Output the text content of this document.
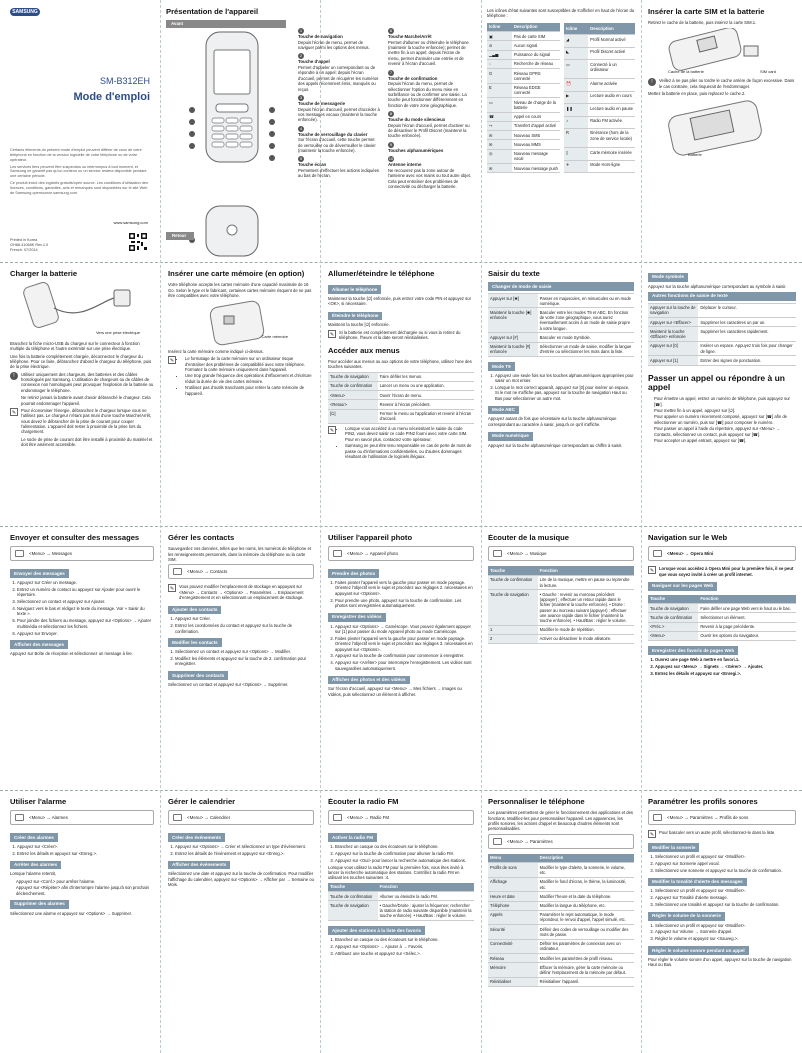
SAMSUNG
SM-B312EH
Mode d'emploi

Certains éléments du présent mode d'emploi peuvent différer de ceux de votre téléphone en fonction de la version logicielle de votre téléphone ou de votre opérateur.

Les services tiers peuvent être suspendus ou interrompus à tout moment, et Samsung ne garantit pas qu'un contenu ou un service restera disponible pendant une certaine période.

Ce produit inclut des logiciels gratuits/open source. Les conditions d'utilisation des licences, conditions, garanties, avis et remarques sont disponibles sur le site Web de Samsung opensource.samsung.com.

www.samsung.com
Printed in Korea
GH68-41068K Rev.1.0
French. 07/2014
Présentation de l'appareil
Avant
Retour
1
Touche de navigation
Depuis l'écran de menu, permet de naviguer parmi les options des menus.
2
Touche d'appel
Permet d'appeler un correspondant ou de répondre à un appel; depuis l'écran d'accueil, permet de récupérer les numéros des appels récemment émis, manqués ou reçus.
3
Touche de messagerie
Depuis l'écran d'accueil, permet d'accéder à vos messages vocaux (maintenir la touche enfoncée).
4
Touche de verrouillage du clavier
Sur l'écran d'accueil, cette touche permet de verrouiller ou de déverrouiller le clavier (maintenir la touche enfoncée).
5
Touche écran
Permettent d'effectuer les actions indiquées au bas de l'écran.
6
Touche Marche/Arrêt
Permet d'allumer ou d'éteindre le téléphone (maintenir la touche enfoncée); permet de mettre fin à un appel; depuis l'écran de menu, permet d'annuler une entrée et de revenir à l'écran d'accueil.
7
Touche de confirmation
Depuis l'écran du menu, permet de sélectionner l'option du menu mise en surbrillance ou de confirmer une saisie. La touche peut fonctionner différemment en fonction de votre zone géographique.
8
Touche du mode silencieux
Depuis l'écran d'accueil, permet d'activer ou de désactiver le Profil Discret (maintenir la touche enfoncée).
9
Touches alphanumériques
10
Antenne interne
Ne recouvrez pas la zone autour de l'antenne avec vos mains ou tout autre objet. Cela peut entraîner des problèmes de connectivité ou décharger la batterie.

Les icônes d'état suivantes sont susceptibles de s'afficher en haut de l'écran du téléphone :

Icône	Description
▣	Pas de carte SIM
⊘	Aucun signal
▁▃▅	Puissance du signal
◌	Recherche de réseau
G	Réseau GPRS connecté
E	Réseau EDGE connecté
▭	Niveau de charge de la batterie
☎	Appel en cours
↪	Transfert d'appel activé
✉	Nouveau SMS
✉	Nouveau MMS
◎	Nouveau message vocal
✉	Nouveau message push
Icône	Description
◢	Profil Normal activé
◣	Profil Discret activé
▭	Connecté à un ordinateur
⏰	Alarme activée
▶	Lecture audio en cours
❚❚	Lecture audio en pause
♪	Radio FM activée
R	Itinérance (hors de la zone de service locale)
▯	Carte mémoire insérée
✈	Mode Hors-ligne
Insérer la carte SIM et la batterie

Retirez le cache de la batterie, puis insérez la carte SIM.1.

Cache de la batterie	SIM card
!	Veillez à ne pas plier ou tordre le cache arrière de façon excessive. Dans le cas contraire, cela risquerait de l'endommager.

Mettez la batterie en place, puis replacez le cache.2.

Batterie
Charger la batterie
Vers une prise électrique

Branchez la fiche micro-USB du chargeur sur le connecteur à fonction multiple du téléphone et l'autre extrémité sur une prise électrique.

Une fois la batterie complètement chargée, déconnectez le chargeur du téléphone. Pour ce faire, débranchez d'abord le chargeur du téléphone, puis de la prise électrique.

!	Utilisez uniquement des chargeurs, des batteries et des câbles homologués par Samsung. L'utilisation de chargeurs ou de câbles de connexion non homologués peut provoquer l'explosion de la batterie ou endommager le téléphone.

Ne retirez jamais la batterie avant d'avoir débranché le chargeur. Cela pourrait endommager l'appareil.

✎	Pour économiser l'énergie, débranchez le chargeur lorsque vous ne l'utilisez pas. Le chargeur n'étant pas muni d'une touche Marche/Arrêt, vous devez le débrancher de la prise de courant pour couper l'alimentation. L'appareil doit rester à proximité de la prise lors du chargement.

Le socle de prise de courant doit être installé à proximité du matériel et doit être aisément accessible.

Insérer une carte mémoire (en option)

Votre téléphone accepte les cartes mémoire d'une capacité maximale de 16 Go. Selon le type et le fabricant, certaines cartes mémoire risquent de ne pas être compatibles avec votre téléphone.

Carte mémoire

Insérez la carte mémoire comme indiqué ci-dessus.

✎	• Le formatage de la carte mémoire sur un ordinateur risque d'entraîner des problèmes de compatibilité avec votre téléphone. Formatez la carte mémoire uniquement dans l'appareil.
• Une trop grande fréquence des opérations d'effacement et d'écriture réduit la durée de vie des cartes mémoire.
• N'utilisez pas d'outils tranchants pour retirer la carte mémoire de l'appareil.
Allumer/éteindre le téléphone
Allumer le téléphone

Maintenez la touche [⏻] enfoncée, puis entrez votre code PIN et appuyez sur <OK>, si nécessaire.

Éteindre le téléphone

Maintenir la touche [⏻] enfoncée.

✎	Si la batterie est complètement déchargée ou si vous la retirez du téléphone, l'heure et la date seront réinitialisées.
Accéder aux menus

Pour accéder aux menus ou aux options de votre téléphone, utilisez l'une des touches suivantes.

Touche de navigation	Faire défiler les menus.
Touche de confirmation	Lancer un menu ou une application.
<Menu>	Ouvrir l'écran de menu.
<Retour>	Revenir à l'écran précédent.
[⏻]	Fermer le menu ou l'application et revenir à l'écran d'accueil.
✎	• Lorsque vous accédez à un menu nécessitant le saisie du code PIN2, vous devez saisir ce code PIN2 fourni avec votre carte SIM. Pour en savoir plus, contactez votre opérateur.
• Samsung ne peut être tenu responsable en cas de perte de mots de passe ou d'informations confidentielles, ou d'autres dommages résultant de l'utilisation de logiciels illégaux.
Saisir du texte
Changer de mode de saisie
Appuyer sur [✱]	Passer en majuscules, en minuscules ou en mode numérique.
Maintenir la touche [✱] enfoncée	Basculer entre les modes T9 et ABC. En fonction de votre zone géographique, vous aurez éventuellement accès à un mode de saisie propre à votre langue.
Appuyer sur [#]	Basculer en mode Symbole.
Maintenir la touche [#] enfoncée	Sélectionner un mode de saisie, modifier la langue d'entrée ou sélectionner les mots dans la liste.
Mode T9
1. Appuyez une seule fois sur les touches alphanumériques appropriées pour saisir un mot entier.
2. Lorsque le mot correct apparaît, appuyez sur [0] pour insérer un espace. Si le mot ne s'affiche pas, appuyez sur la touche de navigation Haut ou Bas pour sélectionner un autre mot.
Mode ABC

Appuyez autant de fois que nécessaire sur la touche alphanumérique correspondant au caractère à saisir, jusqu'à ce qu'il s'affiche.

Mode numérique

Appuyez sur la touche alphanumérique correspondant au chiffre à saisir.

Mode symbole

Appuyez sur la touche alphanumérique correspondant au symbole à saisir.

Autres fonctions de saisie de texte
Appuyer sur la touche de navigation	Déplacer le curseur.
Appuyer sur <Effacer>	Supprimer les caractères un par un.
Maintenir la touche <Effacer> enfoncée	Supprimer les caractères rapidement.
Appuyer sur [0]	Insérer un espace. Appuyez trois fois pour changer de ligne.
Appuyer sur [1]	Entrer des signes de ponctuation.
Passer un appel ou répondre à un appel
• Pour émettre un appel, entrez un numéro de téléphone, puis appuyez sur [☎].
• Pour mettre fin à un appel, appuyez sur [⏻].
• Pour appeler un numéro récemment composé, appuyez sur [☎] afin de sélectionner un numéro, puis sur [☎] pour composer le numéro.
• Pour passer un appel à l'aide du répertoire, appuyez sur <Menu> → Contacts, sélectionnez un contact, puis appuyez sur [☎].
• Pour accepter un appel entrant, appuyez sur [☎].
Envoyer et consulter des messages
<Menu> → Messages
Envoyer des messages
1. Appuyez sur Créer un message.
2. Entrez un numéro de contact ou appuyez sur Ajouter pour ouvrir le répertoire.
3. Sélectionnez un contact et appuyez sur Ajouter.
4. Naviguez vers le bas et rédigez le texte du message. Voir « Saisir du texte ».
5. Pour joindre des fichiers au message, appuyez sur <Options> → Ajouter multimédia et sélectionnez les fichiers.
6. Appuyez sur Envoyer.
Afficher des messages

Appuyez sur Boîte de réception et sélectionnez un message à lire.

Gérer les contacts

Sauvegardez vos données, telles que les noms, les numéros de téléphone et les renseignements personnels, dans la mémoire du téléphone ou la carte SIM.

<Menu> → Contacts
✎	Vous pouvez modifier l'emplacement de stockage en appuyant sur <Menu> → Contacts → <Options> → Paramètres → Emplacement d'enregistrement et en sélectionnant un emplacement de stockage.
Ajouter des contacts
1. Appuyez sur Créer.
2. Entrez les coordonnées du contact et appuyez sur la touche de confirmation.
Modifier les contacts
1. Sélectionnez un contact et appuyez sur <Options> → Modifier.
2. Modifiez les éléments et appuyez sur la touche de 2. confirmation pour enregistrer.
Supprimer des contacts

Sélectionnez un contact et appuyez sur <Options> → Supprimer.

Utiliser l'appareil photo
<Menu> → Appareil photo
Prendre des photos
1. Faites pivoter l'appareil vers la gauche pour passer en mode paysage. Orientez l'objectif vers le sujet et procédez aux réglages 2. nécessaires en appuyant sur <Options>.
2. Pour prendre une photo, appuyez sur la touche de confirmation. Les photos sont enregistrées automatiquement.
Enregistrer des vidéos
1. Appuyez sur <Options> → Caméscope. Vous pouvez également appuyer sur [1] pour passer du mode Appareil photo au mode Caméscope.
2. Faites pivoter l'appareil vers la gauche pour passer en mode paysage. Orientez l'objectif vers le sujet et procédez aux réglages 3. nécessaires en appuyant sur <Options>.
3. Appuyez sur la touche de confirmation pour commencer à enregistrer.
4. Appuyez sur <Arrêter> pour interrompre l'enregistrement. Les vidéos sont sauvegardées automatiquement.
Afficher des photos et des vidéos

Sur l'écran d'accueil, appuyez sur <Menu> → Mes fichiers → Images ou Vidéos, puis sélectionnez un élément à afficher.

Écouter de la musique
<Menu> → Musique
Touche	Fonction
Touche de confirmation	Lire de la musique, mettre en pause ou reprendre la lecture.
Touche de navigation	• Gauche : revenir au morceau précédent (appuyer) ; effectuer un retour rapide dans le fichier (maintenir la touche enfoncée). • Droite : passer au morceau suivant (appuyer) ; effectuer une avance rapide dans le fichier (maintenir la touche enfoncée). • Haut/Bas : régler le volume.
1	Modifier le mode de répétition.
2	Activer ou désactiver le mode aléatoire.
Navigation sur le Web
<Menu> → Opera Mini
✎	Lorsque vous accédez à Opera Mini pour la première fois, il se peut que vous soyez invité à créer un profil internet.
Naviguer sur les pages Web
Touche	Fonction
Touche de navigation	Faire défiler une page Web vers le haut ou le bas.
Touche de confirmation	Sélectionner un élément.
<Préc.>	Revenir à la page précédente.
<Menu>	Ouvrir les options du navigateur.
Enregistrer des favoris de pages Web
1. Ouvrez une page Web à mettre en favori.1.
2. Appuyez sur <Menu> → Signets → <Gérer> → Ajouter.
3. Entrez les détails et appuyez sur <Enregi.>.
Utiliser l'alarme
<Menu> → Alarmes
Créer des alarmes
1. Appuyez sur <Créer>.
2. Entrez les détails et appuyez sur <Enreg.>.
Arrêter des alarmes

Lorsque l'alarme retentit,

• Appuyez sur <Conf.> pour arrêter l'alarme.
• Appuyez sur <Répéter> afin d'interrompre l'alarme jusqu'à son prochain déclenchement.
Supprimer des alarmes

Sélectionnez une alarme et appuyez sur <Options> → Supprimer.

Gérer le calendrier
<Menu> → Calendrier
Créer des événements
1. Appuyez sur <Options> → Créer et sélectionnez un type d'événement.
2. Entrez les détails de l'événement et appuyez sur <Enreg.>.
Afficher des événements

Sélectionnez une date et appuyez sur la touche de confirmation. Pour modifier l'affichage du calendrier, appuyez sur <Options> → Afficher par → Semaine ou Mois.

Écouter la radio FM
<Menu> → Radio FM
Activer la radio FM
1. Branchez un casque ou des écouteurs sur le téléphone.
2. Appuyez sur la touche de confirmation pour allumer la radio FM.
3. Appuyez sur <Oui> pour lancer la recherche automatique des stations.

Lorsque vous utilisez la radio FM pour la première fois, vous êtes invité à lancer la recherche automatique des stations. Contrôlez la radio FM en utilisant les touches suivantes :4.

Touche	Fonction
Touche de confirmation	Allumer ou éteindre la radio FM.
Touche de navigation	• Gauche/Droite : ajuster la fréquence; rechercher la station de radio suivante disponible (maintenir la touche enfoncée). • Haut/Bas : régler le volume.
Ajouter des stations à la liste des favoris
1. Branchez un casque ou des écouteurs sur le téléphone.
2. Appuyez sur <Options> → Ajouter à → Favoris.
3. Attribuez une touche et appuyez sur <Sélec.>.
Personnaliser le téléphone

Les paramètres permettent de gérer le fonctionnement des applications et des fonctions. Modifiez-les pour personnaliser l'appareil. Les apparences, les profils sonores, les actions d'appel et beaucoup d'autres éléments sont personnalisables.

<Menu> → Paramètres
Menu	Description
Profils de sons	Modifier le type d'alerte, la sonnerie, le volume, etc.
Affichage	Modifier le fond d'écran, le thème, la luminosité, etc.
Heure et date	Modifier l'heure et la date du téléphone.
Téléphone	Modifier la langue du téléphone, etc.
Appels	Paramétrer le rejet automatique, le mode répondeur, le renvoi d'appel, l'appel simulé, etc.
Sécurité	Définir des codes de verrouillage ou modifier des mots de passe.
Connectivité	Définir les paramètres de connexion avec un ordinateur.
Réseau	Modifier les paramètres de profil réseau.
Mémoire	Effacer la mémoire, gérer la carte mémoire ou définir l'emplacement de la mémoire par défaut.
Réinitialiser	Réinitialiser l'appareil.
Paramétrer les profils sonores
<Menu> → Paramètres → Profils de sons
✎	Pour basculer vers un autre profil, sélectionnez-le dans la liste.
Modifier la sonnerie
1. Sélectionnez un profil et appuyez sur <Modifier>.
2. Appuyez sur Sonnerie appel vocal.
3. Sélectionnez une sonnerie et appuyez sur la touche de confirmation.
Modifier la tonalité d'alerte des messages
1. Sélectionnez un profil et appuyez sur <Modifier>.
2. Appuyez sur Tonalité d'alerte message.
3. Sélectionnez une tonalité et appuyez sur la touche de confirmation.
Régler le volume de la sonnerie
1. Sélectionnez un profil et appuyez sur <Modifier>.
2. Appuyez sur Volume → Sonnerie d'appel.
3. Réglez le volume et appuyez sur <Sauveg.>.
Régler le volume sonore pendant un appel

Pour régler le volume sonore d'un appel, appuyez sur la touche de navigation Haut ou Bas.
